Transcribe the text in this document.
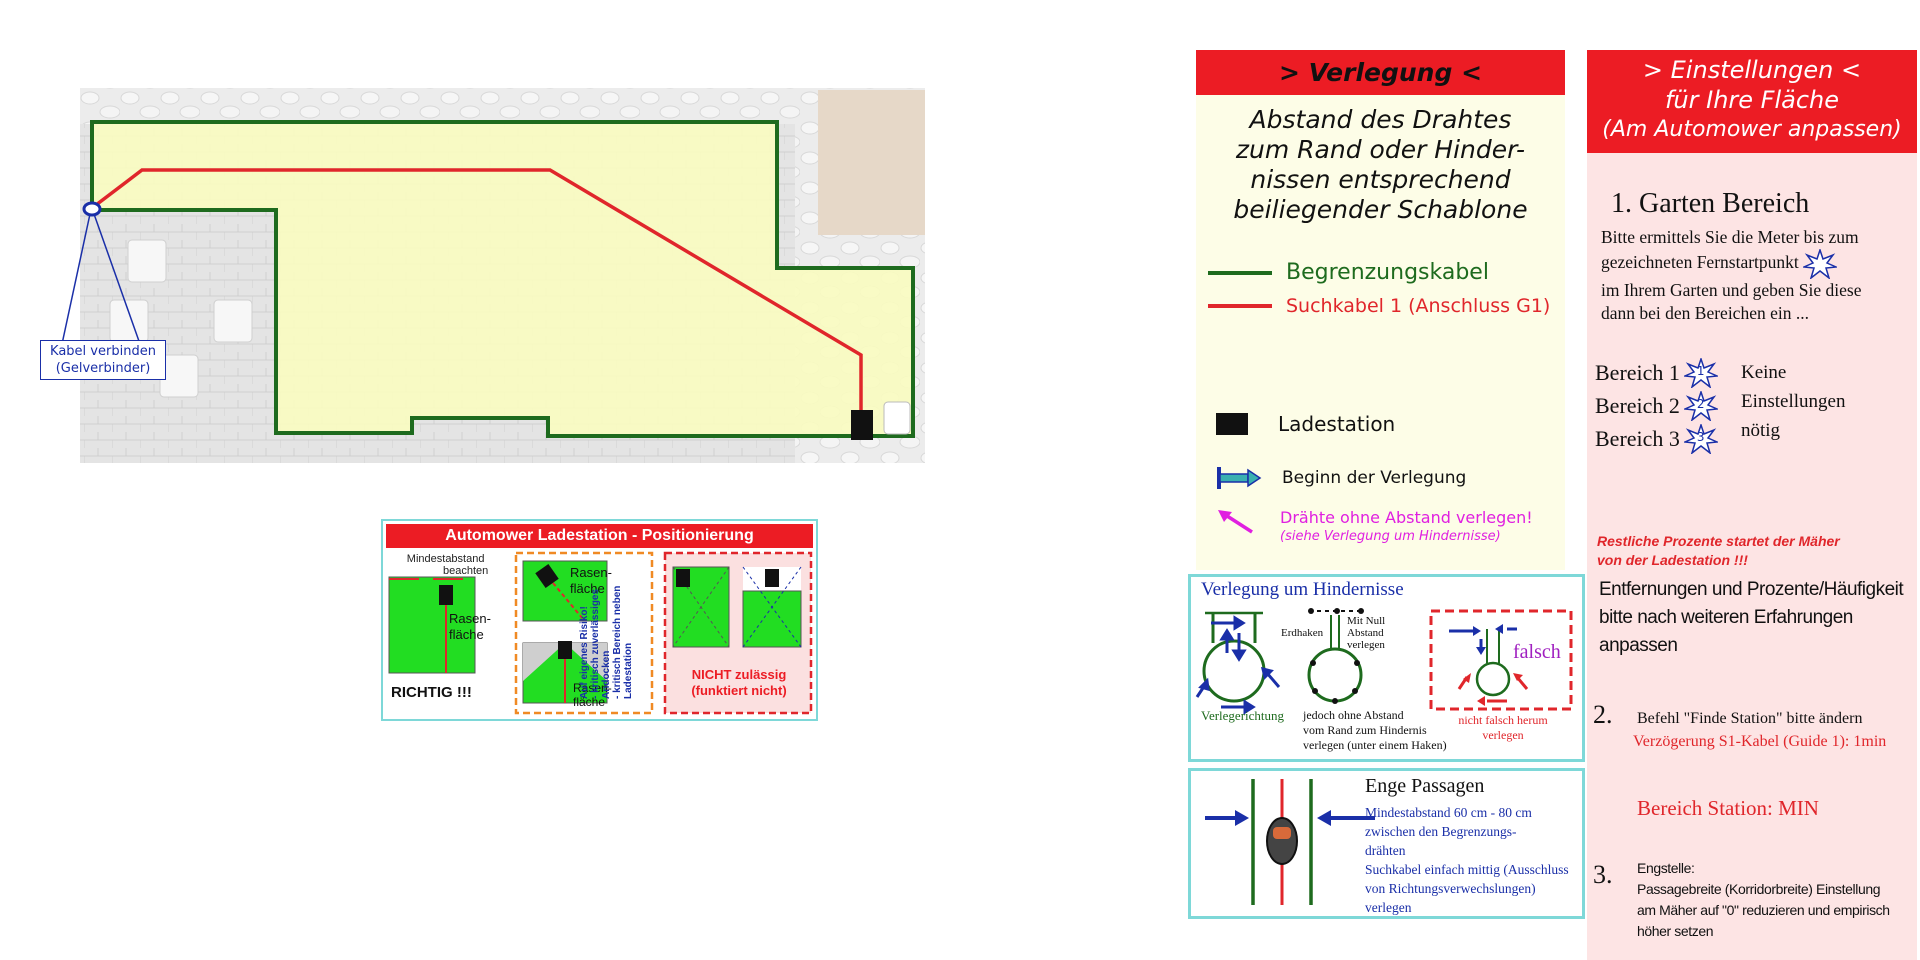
Kabel verbinden
(Gelverbinder)
Automower Ladestation - Positionierung
Mindestabstand
beachten
Rasen-
fläche
Rasen-
fläche
Rasen-
fläche
RICHTIG !!!	Auf eigenes Risiko! - kritisch zuverlässiges Andocken - kritisch Bereich neben Ladestation	NICHT zulässig
(funktiert nicht)
> Verlegung <
Abstand des Drahtes
zum Rand oder Hinder-
nissen entsprechend
beiliegender Schablone
Begrenzungskabel
Suchkabel 1 (Anschluss G1)
Ladestation
Beginn der Verlegung
Drähte ohne Abstand verlegen!
(siehe Verlegung um Hindernisse)
Verlegung um Hindernisse
Erdhaken
Mit Null
Abstand
verlegen	falsch
Verlegerichtung jedoch ohne Abstand
vom Rand zum Hindernis
verlegen (unter einem Haken)
nicht falsch herum
verlegen
Enge Passagen
Mindestabstand 60 cm - 80 cm
zwischen den Begrenzungs-
drähten
Suchkabel einfach mittig (Ausschluss
von Richtungsverwechslungen) verlegen
> Einstellungen <
für Ihre Fläche
(Am Automower anpassen)
1. Garten Bereich
Bitte ermittels Sie die Meter bis zum
gezeichneten Fernstartpunkt
im Ihrem Garten und geben Sie diese
dann bei den Bereichen ein ...
Bereich 1 1
Bereich 2 2
Bereich 3 3
Keine
Einstellungen
nötig
Restliche Prozente startet der Mäher
von der Ladestation !!!
Entfernungen und Prozente/Häufigkeit
bitte nach weiteren Erfahrungen anpassen
2. Befehl "Finde Station" bitte ändern
Verzögerung S1-Kabel (Guide 1): 1min
Bereich Station: MIN
3. Engstelle:
Passagebreite (Korridorbreite) Einstellung
am Mäher auf "0" reduzieren und empirisch
höher setzen
